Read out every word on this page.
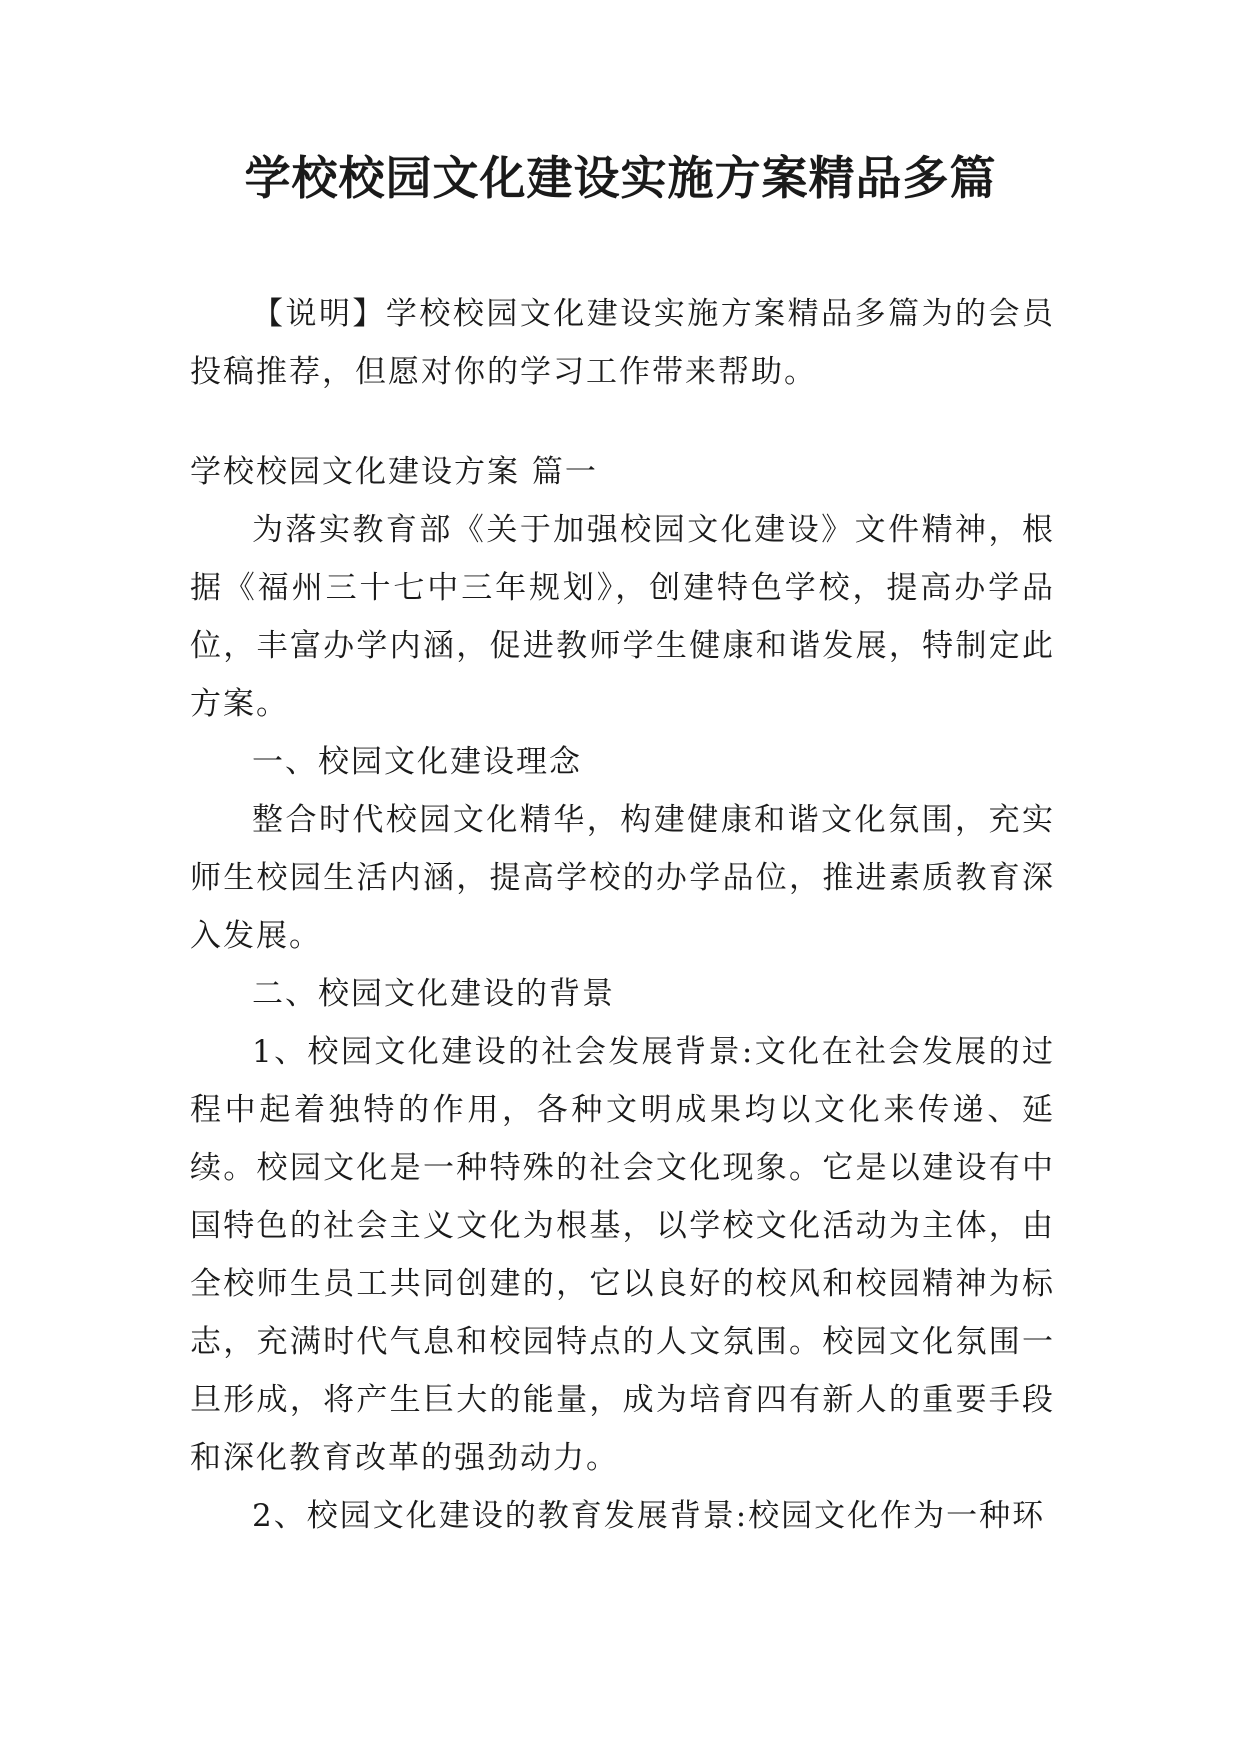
学校校园文化建设实施方案精品多篇

【说明】学校校园文化建设实施方案精品多篇为的会员投稿推荐，但愿对你的学习工作带来帮助。

学校校园文化建设方案 篇一

为落实教育部《关于加强校园文化建设》文件精神，根据《福州三十七中三年规划》，创建特色学校，提高办学品位，丰富办学内涵，促进教师学生健康和谐发展，特制定此方案。

一、校园文化建设理念

整合时代校园文化精华，构建健康和谐文化氛围，充实师生校园生活内涵，提高学校的办学品位，推进素质教育深入发展。

二、校园文化建设的背景

1、校园文化建设的社会发展背景:文化在社会发展的过程中起着独特的作用，各种文明成果均以文化来传递、延续。校园文化是一种特殊的社会文化现象。它是以建设有中国特色的社会主义文化为根基，以学校文化活动为主体，由全校师生员工共同创建的，它以良好的校风和校园精神为标志，充满时代气息和校园特点的人文氛围。校园文化氛围一旦形成，将产生巨大的能量，成为培育四有新人的重要手段和深化教育改革的强劲动力。

2、校园文化建设的教育发展背景:校园文化作为一种环
